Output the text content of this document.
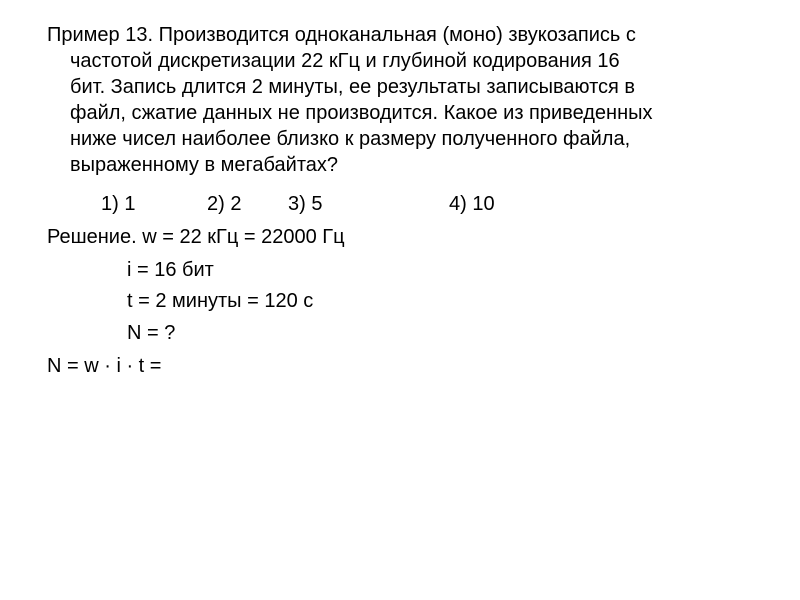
Пример 13. Производится одноканальная (моно) звукозапись с
частотой дискретизации 22 кГц и глубиной кодирования 16
бит. Запись длится 2 минуты, ее результаты записываются в
файл, сжатие данных не производится. Какое из приведенных
ниже чисел наиболее близко к размеру полученного файла,
выраженному в мегабайтах?
1) 1	2) 2 3) 5	4) 10
Решение. w = 22 кГц = 22000 Гц
i = 16 бит
t = 2 минуты = 120 с
N = ?
N = w · i · t =
